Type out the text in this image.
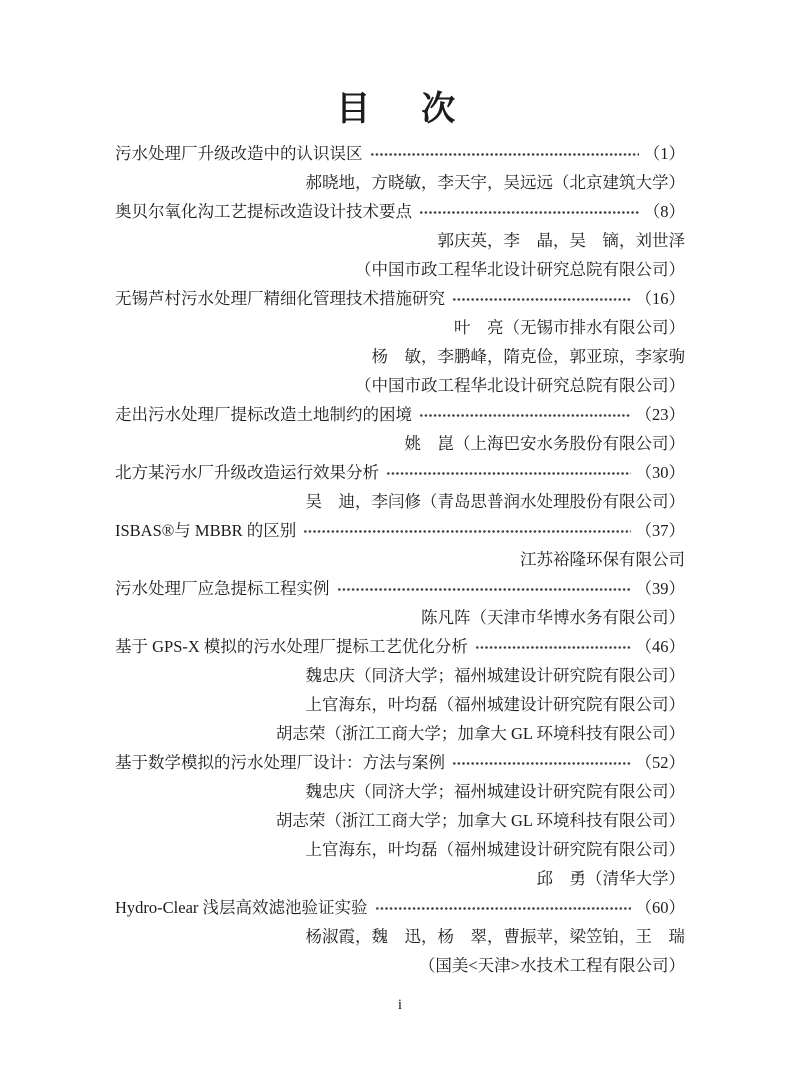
目　次
污水处理厂升级改造中的认识误区	（1）
郝晓地，方晓敏，李天宇，吴远远（北京建筑大学）
奥贝尔氧化沟工艺提标改造设计技术要点	（8）
郭庆英，李　晶，吴　镝，刘世泽
（中国市政工程华北设计研究总院有限公司）
无锡芦村污水处理厂精细化管理技术措施研究	（16）
叶　亮（无锡市排水有限公司）
杨　敏，李鹏峰，隋克俭，郭亚琼，李家驹
（中国市政工程华北设计研究总院有限公司）
走出污水处理厂提标改造土地制约的困境	（23）
姚　崑（上海巴安水务股份有限公司）
北方某污水厂升级改造运行效果分析	（30）
吴　迪，李闫修（青岛思普润水处理股份有限公司）
ISBAS®与 MBBR 的区别	（37）
江苏裕隆环保有限公司
污水处理厂应急提标工程实例	（39）
陈凡阵（天津市华博水务有限公司）
基于 GPS-X 模拟的污水处理厂提标工艺优化分析	（46）
魏忠庆（同济大学；福州城建设计研究院有限公司）
上官海东，叶均磊（福州城建设计研究院有限公司）
胡志荣（浙江工商大学；加拿大 GL 环境科技有限公司）
基于数学模拟的污水处理厂设计：方法与案例	（52）
魏忠庆（同济大学；福州城建设计研究院有限公司）
胡志荣（浙江工商大学；加拿大 GL 环境科技有限公司）
上官海东，叶均磊（福州城建设计研究院有限公司）
邱　勇（清华大学）
Hydro-Clear 浅层高效滤池验证实验	（60）
杨淑霞，魏　迅，杨　翠，曹振苹，梁笠铂，王　瑞
（国美<天津>水技术工程有限公司）
i
